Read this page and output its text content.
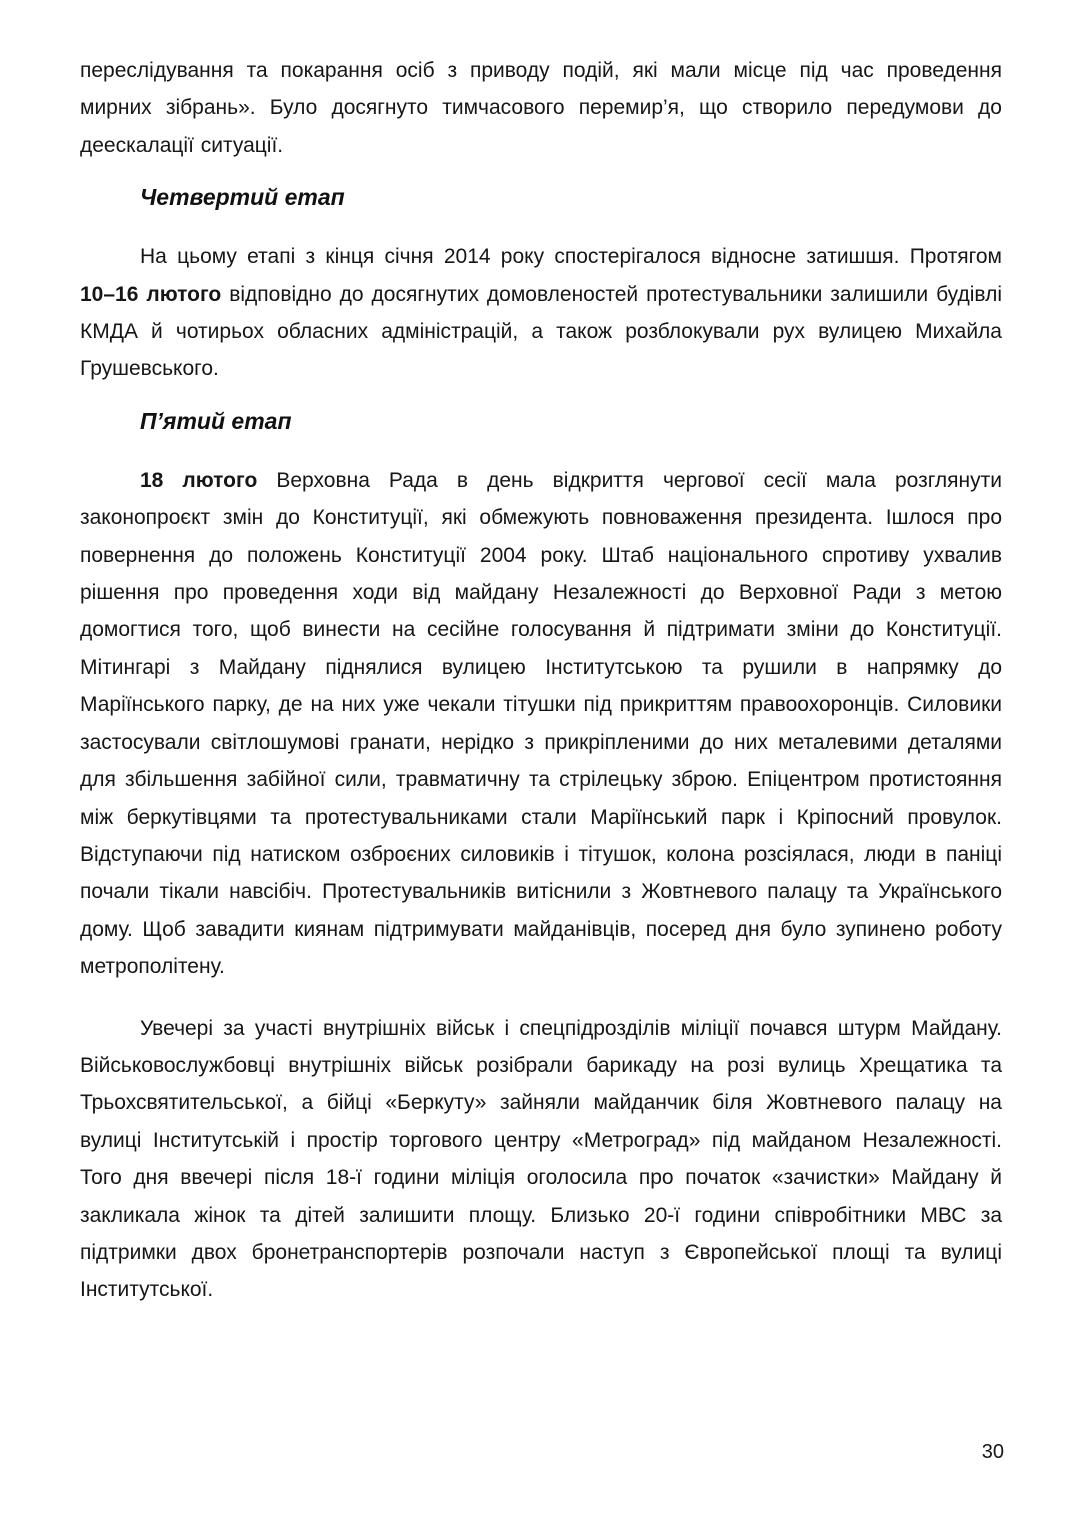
переслідування та покарання осіб з приводу подій, які мали місце під час проведення мирних зібрань». Було досягнуто тимчасового перемир’я, що створило передумови до деескалації ситуації.

Четвертий етап

На цьому етапі з кінця січня 2014 року спостерігалося відносне затишшя. Протягом 10–16 лютого відповідно до досягнутих домовленостей протестувальники залишили будівлі КМДА й чотирьох обласних адміністрацій, а також розблокували рух вулицею Михайла Грушевського.

П’ятий етап

18 лютого Верховна Рада в день відкриття чергової сесії мала розглянути законопроєкт змін до Конституції, які обмежують повноваження президента. Ішлося про повернення до положень Конституції 2004 року. Штаб національного спротиву ухвалив рішення про проведення ходи від майдану Незалежності до Верховної Ради з метою домогтися того, щоб винести на сесійне голосування й підтримати зміни до Конституції. Мітингарі з Майдану піднялися вулицею Інститутською та рушили в напрямку до Маріїнського парку, де на них уже чекали тітушки під прикриттям правоохоронців. Силовики застосували світлошумові гранати, нерідко з прикріпленими до них металевими деталями для збільшення забійної сили, травматичну та стрілецьку зброю. Епіцентром протистояння між беркутівцями та протестувальниками стали Маріїнський парк і Кріпосний провулок. Відступаючи під натиском озброєних силовиків і тітушок, колона розсіялася, люди в паніці почали тікали навсібіч. Протестувальників витіснили з Жовтневого палацу та Українського дому. Щоб завадити киянам підтримувати майданівців, посеред дня було зупинено роботу метрополітену.

Увечері за участі внутрішніх військ і спецпідрозділів міліції почався штурм Майдану. Військовослужбовці внутрішніх військ розібрали барикаду на розі вулиць Хрещатика та Трьохсвятительської, а бійці «Беркуту» зайняли майданчик біля Жовтневого палацу на вулиці Інститутській і простір торгового центру «Метроград» під майданом Незалежності. Того дня ввечері після 18-ї години міліція оголосила про початок «зачистки» Майдану й закликала жінок та дітей залишити площу. Близько 20-ї години співробітники МВС за підтримки двох бронетранспортерів розпочали наступ з Європейської площі та вулиці Інститутської.

30
